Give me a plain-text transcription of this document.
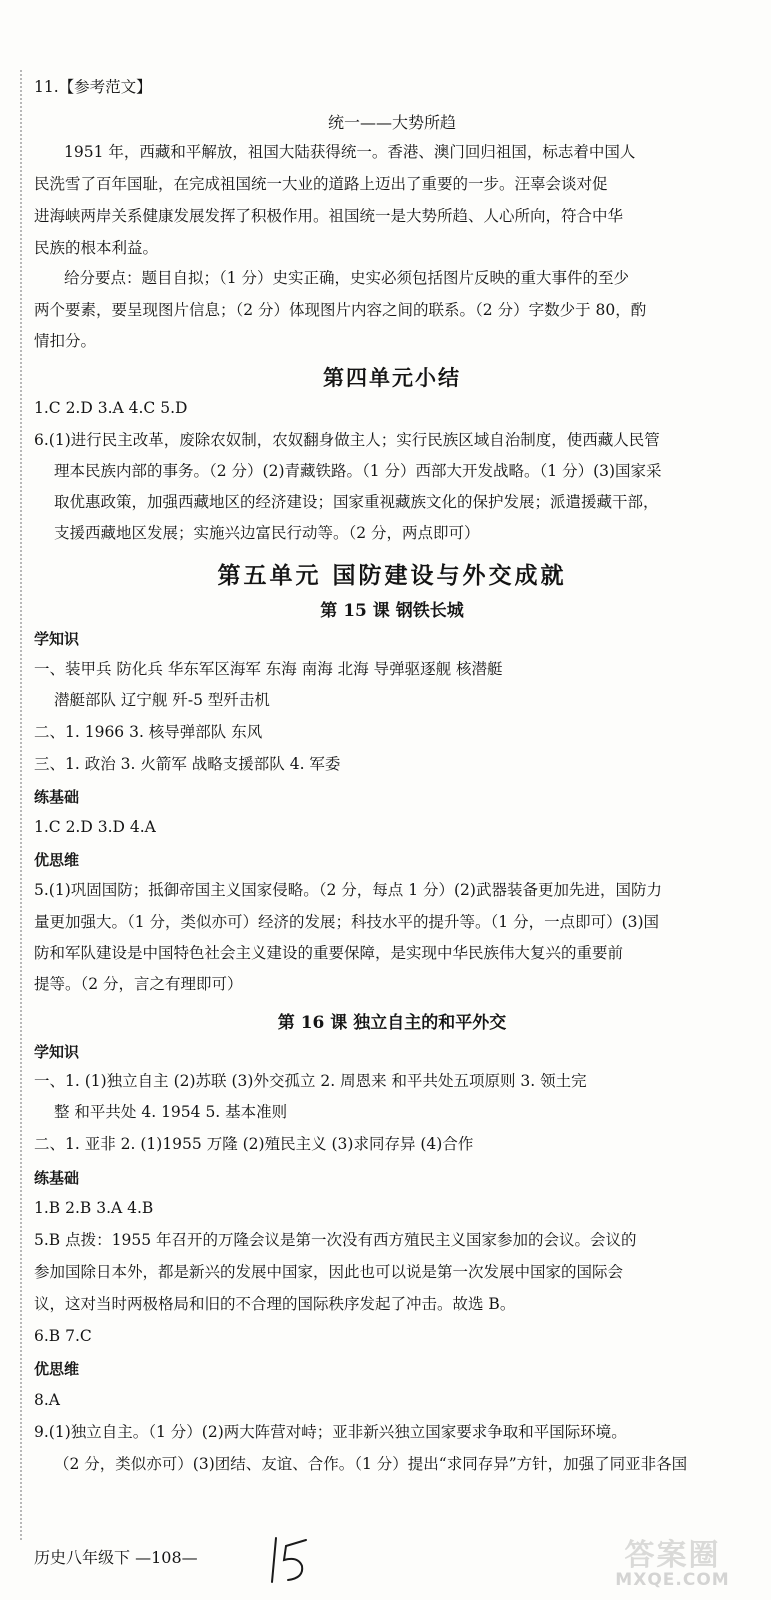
11.【参考范文】
统一——大势所趋
1951 年，西藏和平解放，祖国大陆获得统一。香港、澳门回归祖国，标志着中国人
民洗雪了百年国耻，在完成祖国统一大业的道路上迈出了重要的一步。汪辜会谈对促
进海峡两岸关系健康发展发挥了积极作用。祖国统一是大势所趋、人心所向，符合中华
民族的根本利益。
给分要点：题目自拟；（1 分）史实正确，史实必须包括图片反映的重大事件的至少
两个要素，要呈现图片信息；（2 分）体现图片内容之间的联系。（2 分）字数少于 80，酌
情扣分。
第四单元小结
1.C 2.D 3.A 4.C 5.D
6.(1)进行民主改革，废除农奴制，农奴翻身做主人；实行民族区域自治制度，使西藏人民管
理本民族内部的事务。（2 分）(2)青藏铁路。（1 分）西部大开发战略。（1 分）(3)国家采
取优惠政策，加强西藏地区的经济建设；国家重视藏族文化的保护发展；派遣援藏干部，
支援西藏地区发展；实施兴边富民行动等。（2 分，两点即可）
第五单元 国防建设与外交成就
第 15 课 钢铁长城
学知识
一、装甲兵 防化兵 华东军区海军 东海 南海 北海 导弹驱逐舰 核潜艇
潜艇部队 辽宁舰 歼-5 型歼击机
二、1. 1966 3. 核导弹部队 东风
三、1. 政治 3. 火箭军 战略支援部队 4. 军委
练基础
1.C 2.D 3.D 4.A
优思维
5.(1)巩固国防；抵御帝国主义国家侵略。（2 分，每点 1 分）(2)武器装备更加先进，国防力
量更加强大。（1 分，类似亦可）经济的发展；科技水平的提升等。（1 分，一点即可）(3)国
防和军队建设是中国特色社会主义建设的重要保障，是实现中华民族伟大复兴的重要前
提等。（2 分，言之有理即可）
第 16 课 独立自主的和平外交
学知识
一、1. (1)独立自主 (2)苏联 (3)外交孤立 2. 周恩来 和平共处五项原则 3. 领土完
整 和平共处 4. 1954 5. 基本准则
二、1. 亚非 2. (1)1955 万隆 (2)殖民主义 (3)求同存异 (4)合作
练基础
1.B 2.B 3.A 4.B
5.B 点拨：1955 年召开的万隆会议是第一次没有西方殖民主义国家参加的会议。会议的
参加国除日本外，都是新兴的发展中国家，因此也可以说是第一次发展中国家的国际会
议，这对当时两极格局和旧的不合理的国际秩序发起了冲击。故选 B。
6.B 7.C
优思维
8.A
9.(1)独立自主。（1 分）(2)两大阵营对峙；亚非新兴独立国家要求争取和平国际环境。
（2 分，类似亦可）(3)团结、友谊、合作。（1 分）提出“求同存异”方针，加强了同亚非各国
历史八年级下 —108—	答案圈
MXQE.COM
